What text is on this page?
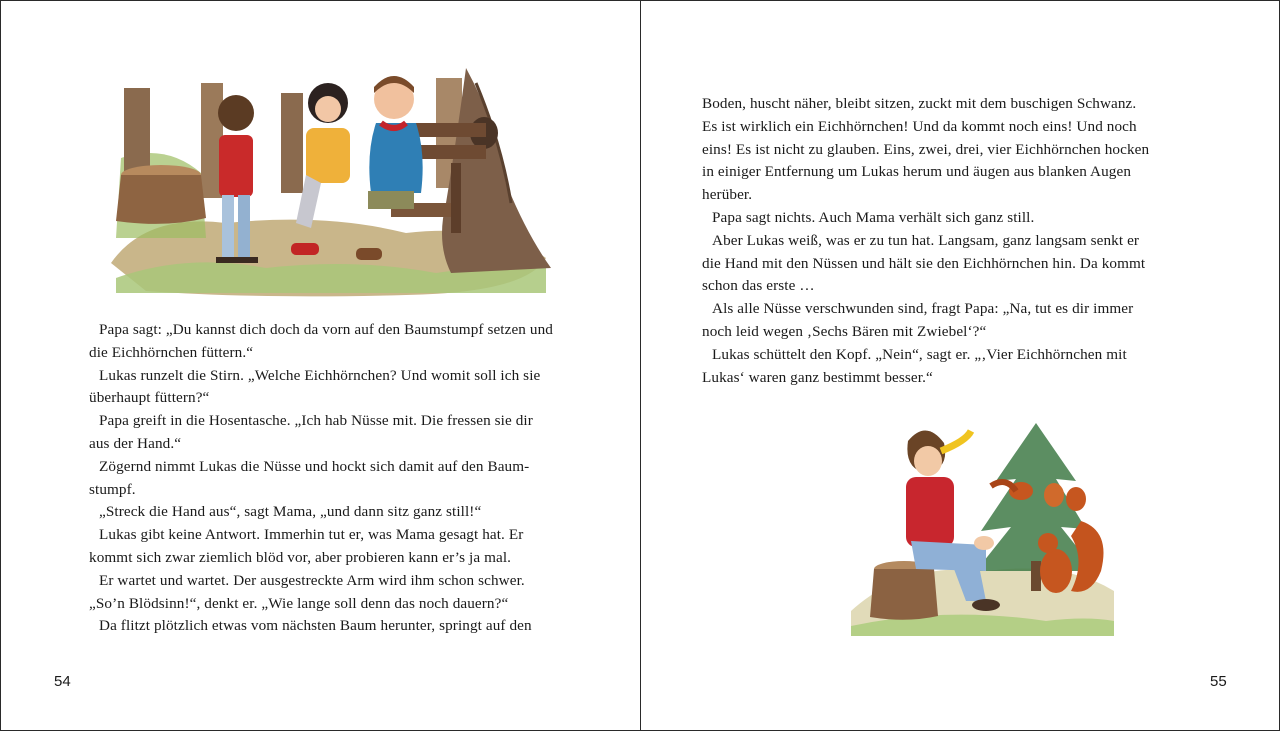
Papa sagt: „Du kannst dich doch da vorn auf den Baumstumpf setzen und
die Eichhörnchen füttern.“
Lukas runzelt die Stirn. „Welche Eichhörnchen? Und womit soll ich sie
überhaupt füttern?“
Papa greift in die Hosentasche. „Ich hab Nüsse mit. Die fressen sie dir
aus der Hand.“
Zögernd nimmt Lukas die Nüsse und hockt sich damit auf den Baum-
stumpf.
„Streck die Hand aus“, sagt Mama, „und dann sitz ganz still!“
Lukas gibt keine Antwort. Immerhin tut er, was Mama gesagt hat. Er
kommt sich zwar ziemlich blöd vor, aber probieren kann er’s ja mal.
Er wartet und wartet. Der ausgestreckte Arm wird ihm schon schwer.
„So’n Blödsinn!“, denkt er. „Wie lange soll denn das noch dauern?“
Da flitzt plötzlich etwas vom nächsten Baum herunter, springt auf den
54
Boden, huscht näher, bleibt sitzen, zuckt mit dem buschigen Schwanz.
Es ist wirklich ein Eichhörnchen! Und da kommt noch eins! Und noch
eins! Es ist nicht zu glauben. Eins, zwei, drei, vier Eichhörnchen hocken
in einiger Entfernung um Lukas herum und äugen aus blanken Augen
herüber.
Papa sagt nichts. Auch Mama verhält sich ganz still.
Aber Lukas weiß, was er zu tun hat. Langsam, ganz langsam senkt er
die Hand mit den Nüssen und hält sie den Eichhörnchen hin. Da kommt
schon das erste …
Als alle Nüsse verschwunden sind, fragt Papa: „Na, tut es dir immer
noch leid wegen ‚Sechs Bären mit Zwiebel‘?“
Lukas schüttelt den Kopf. „Nein“, sagt er. „‚Vier Eichhörnchen mit
Lukas‘ waren ganz bestimmt besser.“
55
